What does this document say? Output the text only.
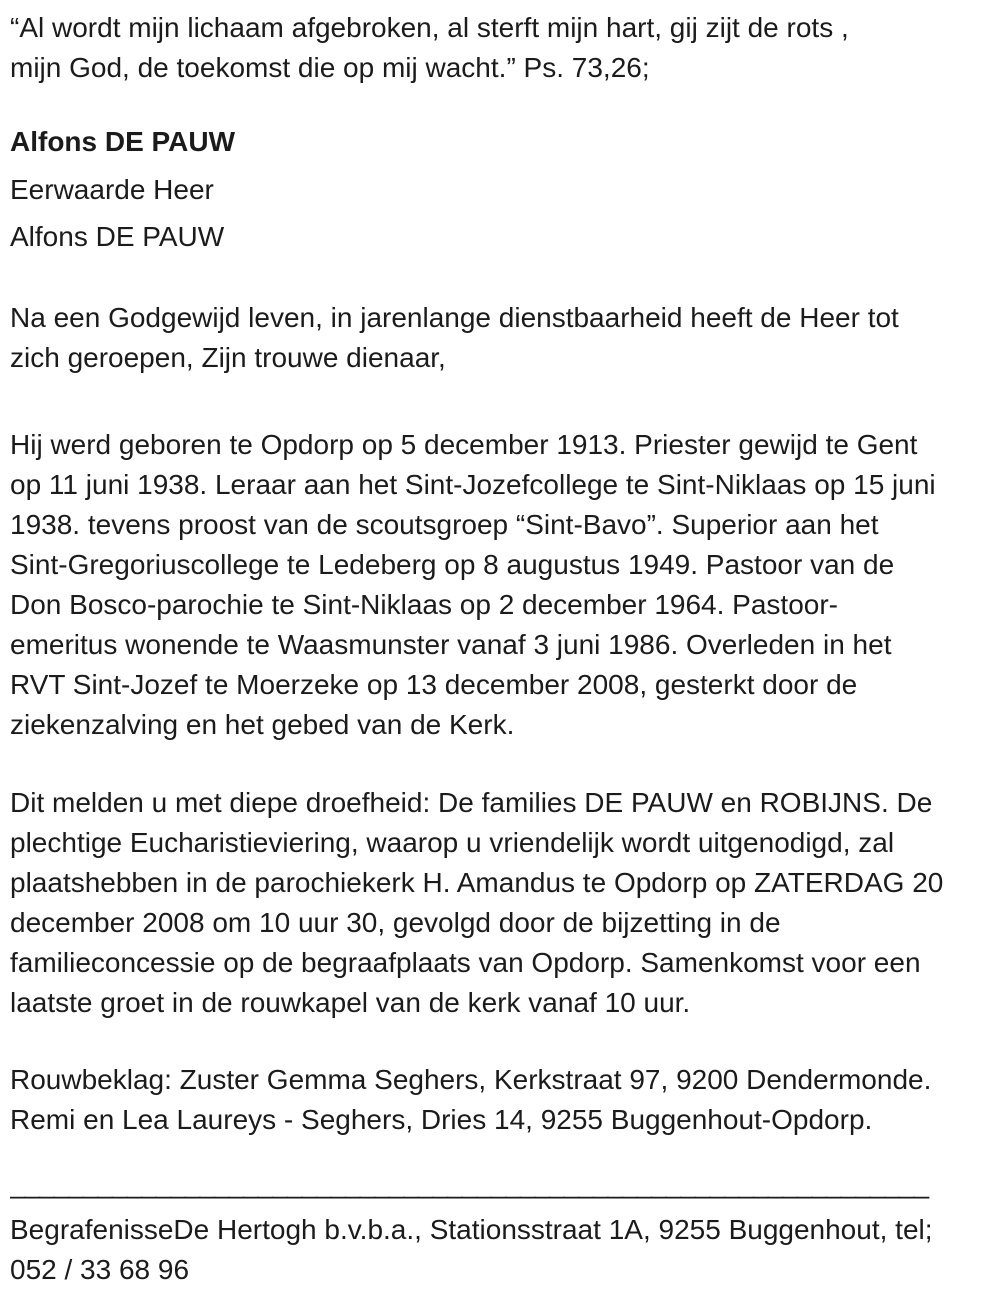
“Al wordt mijn lichaam afgebroken, al sterft mijn hart, gij zijt de rots ,
mijn God, de toekomst die op mij wacht.” Ps. 73,26;
Alfons DE PAUW
Eerwaarde Heer
Alfons DE PAUW
Na een Godgewijd leven, in jarenlange dienstbaarheid heeft de Heer tot
zich geroepen, Zijn trouwe dienaar,
Hij werd geboren te Opdorp op 5 december 1913. Priester gewijd te Gent
op 11 juni 1938. Leraar aan het Sint-Jozefcollege te Sint-Niklaas op 15 juni
1938. tevens proost van de scoutsgroep “Sint-Bavo”. Superior aan het
Sint-Gregoriuscollege te Ledeberg op 8 augustus 1949. Pastoor van de
Don Bosco-parochie te Sint-Niklaas op 2 december 1964. Pastoor-
emeritus wonende te Waasmunster vanaf 3 juni 1986. Overleden in het
RVT Sint-Jozef te Moerzeke op 13 december 2008, gesterkt door de
ziekenzalving en het gebed van de Kerk.
Dit melden u met diepe droefheid: De families DE PAUW en ROBIJNS. De
plechtige Eucharistieviering, waarop u vriendelijk wordt uitgenodigd, zal
plaatshebben in de parochiekerk H. Amandus te Opdorp op ZATERDAG 20
december 2008 om 10 uur 30, gevolgd door de bijzetting in de
familieconcessie op de begraafplaats van Opdorp. Samenkomst voor een
laatste groet in de rouwkapel van de kerk vanaf 10 uur.
Rouwbeklag: Zuster Gemma Seghers, Kerkstraat 97, 9200 Dendermonde.
Remi en Lea Laureys - Seghers, Dries 14, 9255 Buggenhout-Opdorp.
_______________________________________________________________
BegrafenisseDe Hertogh b.v.b.a., Stationsstraat 1A, 9255 Buggenhout, tel;
052 / 33 68 96
